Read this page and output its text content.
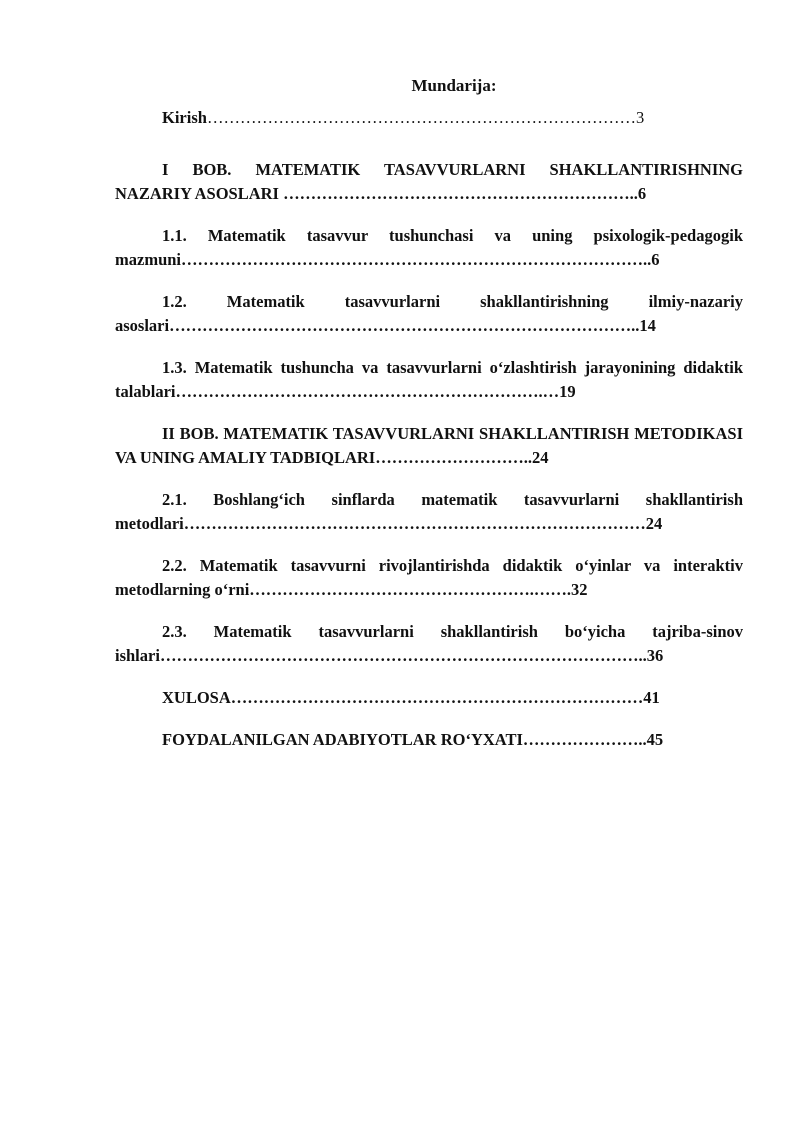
Mundarija:
Kirish……………………………………………………………………3
I BOB. MATEMATIK TASAVVURLARNI SHAKLLANTIRISHNING NAZARIY ASOSLARI ………………………………………………………..6
1.1. Matematik tasavvur tushunchasi va uning psixologik-pedagogik mazmuni…………………………………………………………………………..6
1.2. Matematik tasavvurlarni shakllantirishning ilmiy-nazariy asoslari…………………………………………………………………………..14
1.3. Matematik tushuncha va tasavvurlarni o‘zlashtirish jarayonining didaktik talablari………………………………………………………….…19
II BOB. MATEMATIK TASAVVURLARNI SHAKLLANTIRISH METODIKASI VA UNING AMALIY TADBIQLARI………………………..24
2.1. Boshlang‘ich sinflarda matematik tasavvurlarni shakllantirish metodlari…………………………………………………………………………24
2.2. Matematik tasavvurni rivojlantirishda didaktik o‘yinlar va interaktiv metodlarning o‘rni…………………………………………….…….32
2.3. Matematik tasavvurlarni shakllantirish bo‘yicha tajriba-sinov ishlari……………………………………………………………………………..36
XULOSA…………………………………………………………………41
FOYDALANILGAN ADABIYOTLAR RO‘YXATI…………………..45
